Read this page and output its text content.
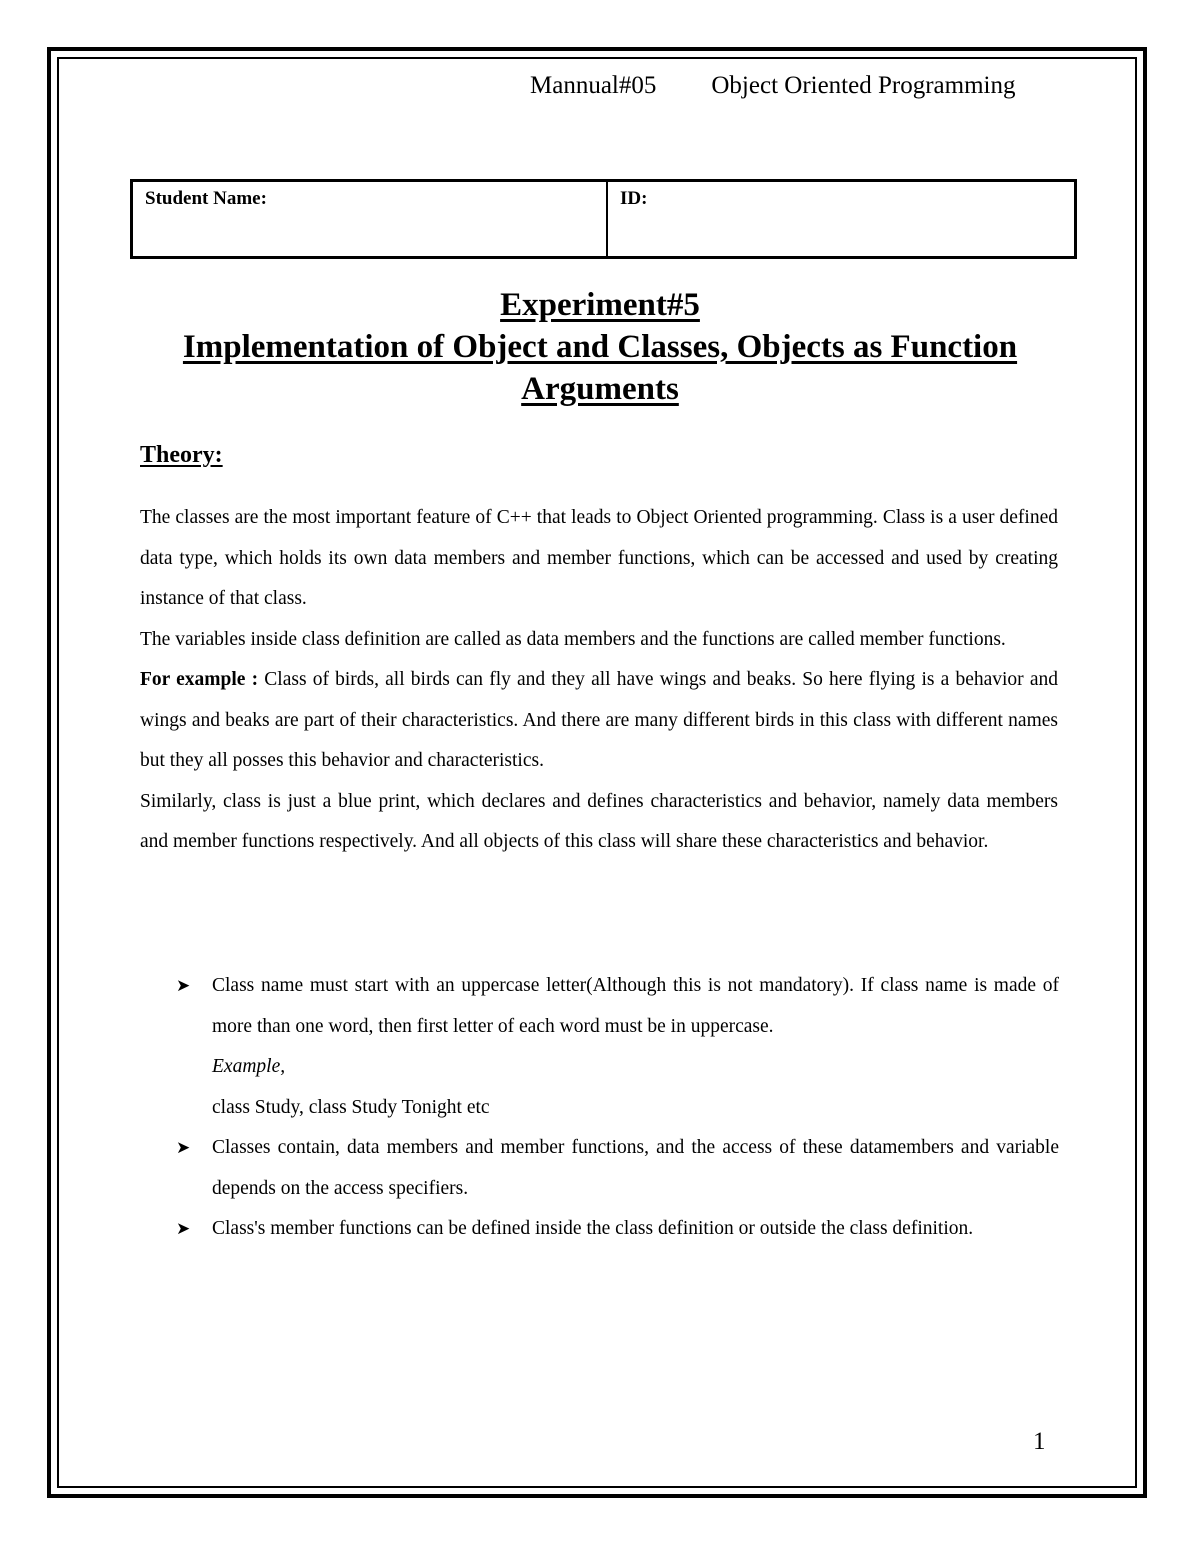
Mannual#05 Object Oriented Programming
Student Name:	ID:
Experiment#5
Implementation of Object and Classes, Objects as Function
Arguments
Theory:

The classes are the most important feature of C++ that leads to Object Oriented programming. Class is a user defined data type, which holds its own data members and member functions, which can be accessed and used by creating instance of that class.

The variables inside class definition are called as data members and the functions are called member functions.

For example : Class of birds, all birds can fly and they all have wings and beaks. So here flying is a behavior and wings and beaks are part of their characteristics. And there are many different birds in this class with different names but they all posses this behavior and characteristics.

Similarly, class is just a blue print, which declares and defines characteristics and behavior, namely data members and member functions respectively. And all objects of this class will share these characteristics and behavior.

➤ Class name must start with an uppercase letter(Although this is not mandatory). If class name is made of more than one word, then first letter of each word must be in uppercase.
Example,
class Study, class Study Tonight etc
➤ Classes contain, data members and member functions, and the access of these datamembers and variable depends on the access specifiers.
➤ Class's member functions can be defined inside the class definition or outside the class definition.
1
